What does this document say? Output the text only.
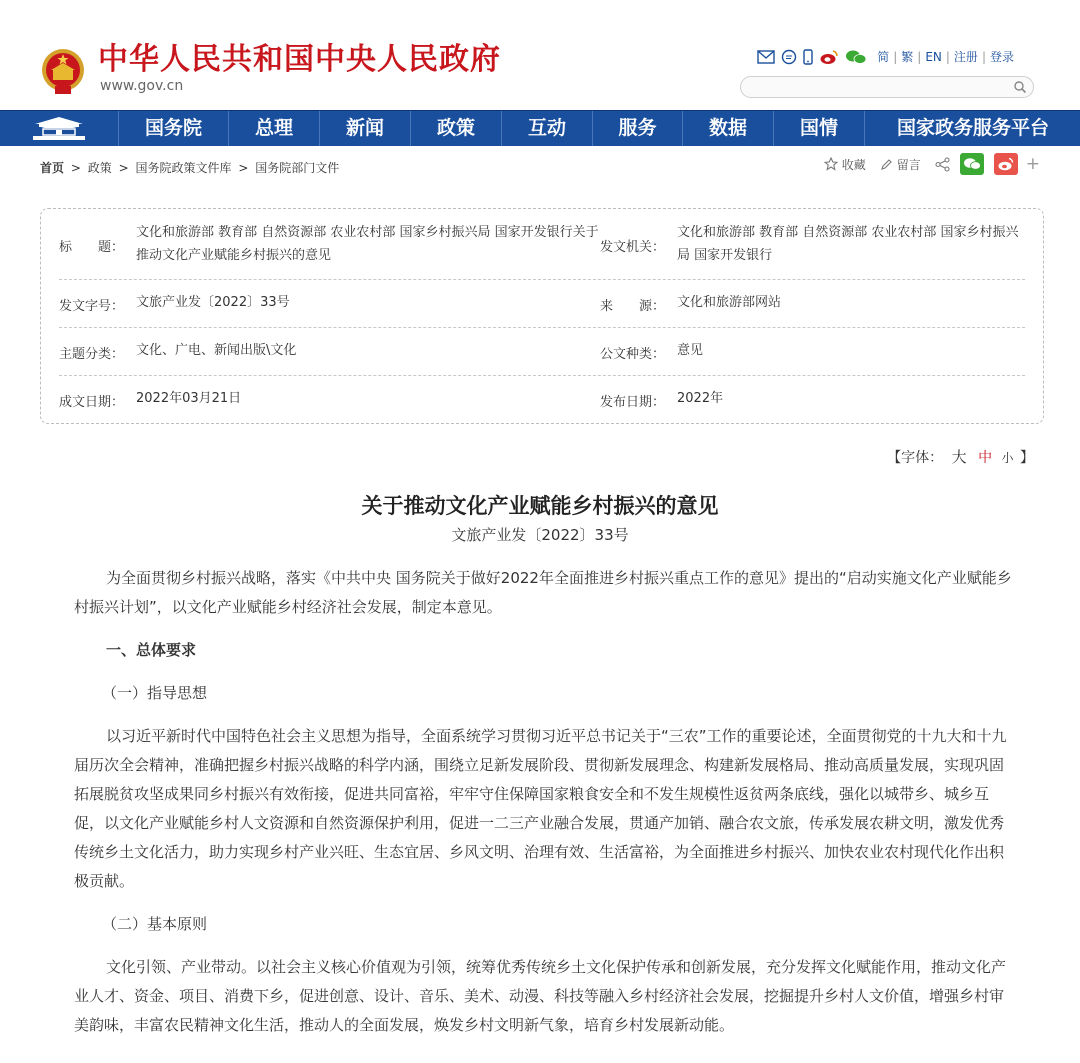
中华人民共和国中央人民政府
www.gov.cn
简 | 繁 | EN | 注册 | 登录
国务院	总理	新闻	政策	互动	服务	数据	国情	国家政务服务平台
首页 > 政策 > 国务院政策文件库 > 国务院部门文件	收藏	留言	+
标　　题：
文化和旅游部 教育部 自然资源部 农业农村部 国家乡村振兴局 国家开发银行关于推动文化产业赋能乡村振兴的意见
发文机关：
文化和旅游部 教育部 自然资源部 农业农村部 国家乡村振兴局 国家开发银行
发文字号： 文旅产业发〔2022〕33号	来　　源： 文化和旅游部网站
主题分类： 文化、广电、新闻出版\文化	公文种类： 意见
成文日期： 2022年03月21日	发布日期： 2022年
【字体： 大 中 小 】
关于推动文化产业赋能乡村振兴的意见
文旅产业发〔2022〕33号

为全面贯彻乡村振兴战略，落实《中共中央 国务院关于做好2022年全面推进乡村振兴重点工作的意见》提出的“启动实施文化产业赋能乡村振兴计划”，以文化产业赋能乡村经济社会发展，制定本意见。

一、总体要求

（一）指导思想

以习近平新时代中国特色社会主义思想为指导，全面系统学习贯彻习近平总书记关于“三农”工作的重要论述，全面贯彻党的十九大和十九届历次全会精神，准确把握乡村振兴战略的科学内涵，围绕立足新发展阶段、贯彻新发展理念、构建新发展格局、推动高质量发展，实现巩固拓展脱贫攻坚成果同乡村振兴有效衔接，促进共同富裕，牢牢守住保障国家粮食安全和不发生规模性返贫两条底线，强化以城带乡、城乡互促，以文化产业赋能乡村人文资源和自然资源保护利用，促进一二三产业融合发展，贯通产加销、融合农文旅，传承发展农耕文明，激发优秀传统乡土文化活力，助力实现乡村产业兴旺、生态宜居、乡风文明、治理有效、生活富裕，为全面推进乡村振兴、加快农业农村现代化作出积极贡献。

（二）基本原则

文化引领、产业带动。以社会主义核心价值观为引领，统筹优秀传统乡土文化保护传承和创新发展，充分发挥文化赋能作用，推动文化产业人才、资金、项目、消费下乡，促进创意、设计、音乐、美术、动漫、科技等融入乡村经济社会发展，挖掘提升乡村人文价值，增强乡村审美韵味，丰富农民精神文化生活，推动人的全面发展，焕发乡村文明新气象，培育乡村发展新动能。
